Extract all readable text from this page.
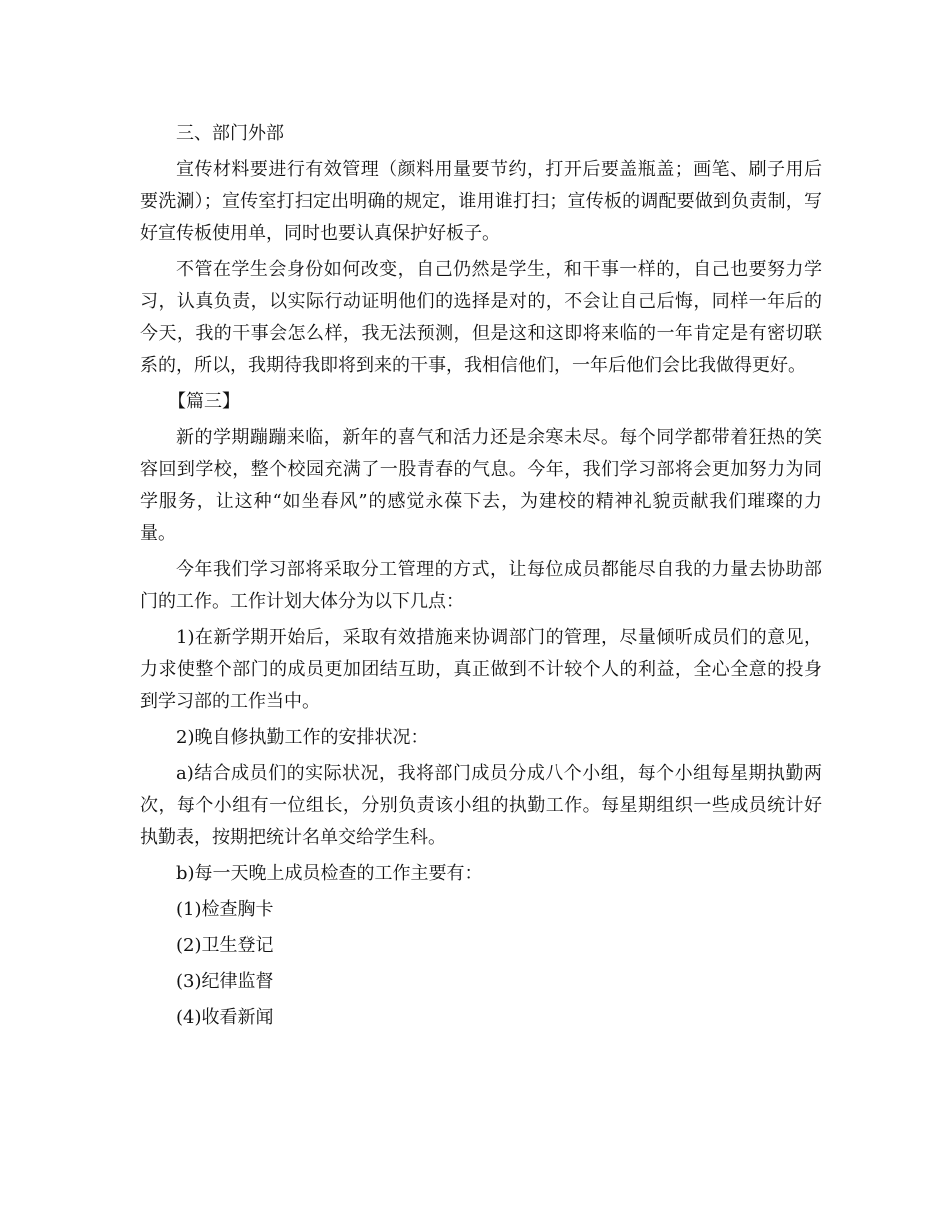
三、部门外部

宣传材料要进行有效管理（颜料用量要节约，打开后要盖瓶盖；画笔、刷子用后要洗涮）；宣传室打扫定出明确的规定，谁用谁打扫；宣传板的调配要做到负责制，写好宣传板使用单，同时也要认真保护好板子。

不管在学生会身份如何改变，自己仍然是学生，和干事一样的，自己也要努力学习，认真负责，以实际行动证明他们的选择是对的，不会让自己后悔，同样一年后的今天，我的干事会怎么样，我无法预测，但是这和这即将来临的一年肯定是有密切联系的，所以，我期待我即将到来的干事，我相信他们，一年后他们会比我做得更好。

【篇三】

新的学期蹦蹦来临，新年的喜气和活力还是余寒未尽。每个同学都带着狂热的笑容回到学校，整个校园充满了一股青春的气息。今年，我们学习部将会更加努力为同学服务，让这种“如坐春风”的感觉永葆下去，为建校的精神礼貌贡献我们璀璨的力量。

今年我们学习部将采取分工管理的方式，让每位成员都能尽自我的力量去协助部门的工作。工作计划大体分为以下几点：

1)在新学期开始后，采取有效措施来协调部门的管理，尽量倾听成员们的意见，力求使整个部门的成员更加团结互助，真正做到不计较个人的利益，全心全意的投身到学习部的工作当中。

2)晚自修执勤工作的安排状况：

a)结合成员们的实际状况，我将部门成员分成八个小组，每个小组每星期执勤两次，每个小组有一位组长，分别负责该小组的执勤工作。每星期组织一些成员统计好执勤表，按期把统计名单交给学生科。

b)每一天晚上成员检查的工作主要有：

(1)检查胸卡

(2)卫生登记

(3)纪律监督

(4)收看新闻
